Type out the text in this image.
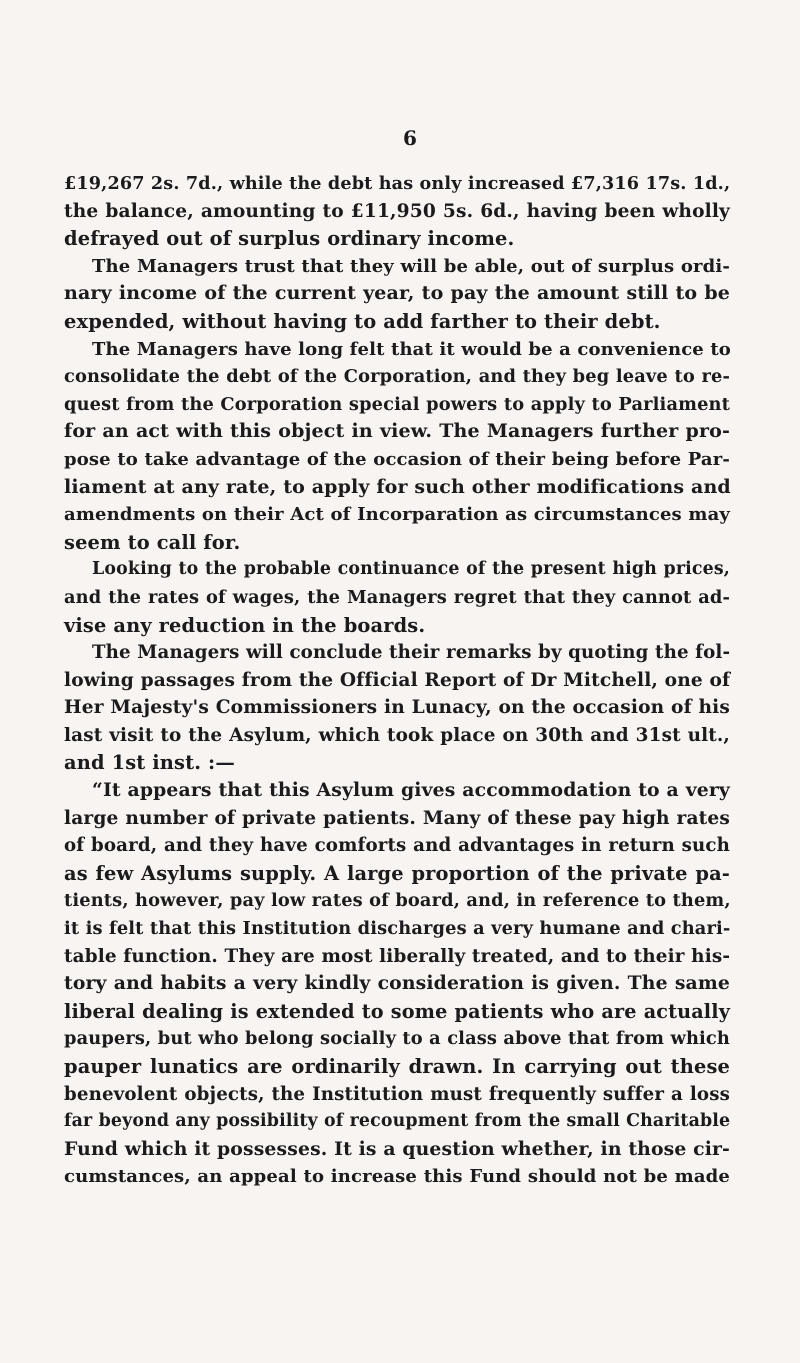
6
£19,267 2s. 7d., while the debt has only increased £7,316 17s. 1d.,
the balance, amounting to £11,950 5s. 6d., having been wholly
defrayed out of surplus ordinary income.
The Managers trust that they will be able, out of surplus ordi-
nary income of the current year, to pay the amount still to be
expended, without having to add farther to their debt.
The Managers have long felt that it would be a convenience to
consolidate the debt of the Corporation, and they beg leave to re-
quest from the Corporation special powers to apply to Parliament
for an act with this object in view. The Managers further pro-
pose to take advantage of the occasion of their being before Par-
liament at any rate, to apply for such other modifications and
amendments on their Act of Incorparation as circumstances may
seem to call for.
Looking to the probable continuance of the present high prices,
and the rates of wages, the Managers regret that they cannot ad-
vise any reduction in the boards.
The Managers will conclude their remarks by quoting the fol-
lowing passages from the Official Report of Dr Mitchell, one of
Her Majesty's Commissioners in Lunacy, on the occasion of his
last visit to the Asylum, which took place on 30th and 31st ult.,
and 1st inst. :—
“It appears that this Asylum gives accommodation to a very
large number of private patients. Many of these pay high rates
of board, and they have comforts and advantages in return such
as few Asylums supply. A large proportion of the private pa-
tients, however, pay low rates of board, and, in reference to them,
it is felt that this Institution discharges a very humane and chari-
table function. They are most liberally treated, and to their his-
tory and habits a very kindly consideration is given. The same
liberal dealing is extended to some patients who are actually
paupers, but who belong socially to a class above that from which
pauper lunatics are ordinarily drawn. In carrying out these
benevolent objects, the Institution must frequently suffer a loss
far beyond any possibility of recoupment from the small Charitable
Fund which it possesses. It is a question whether, in those cir-
cumstances, an appeal to increase this Fund should not be made
